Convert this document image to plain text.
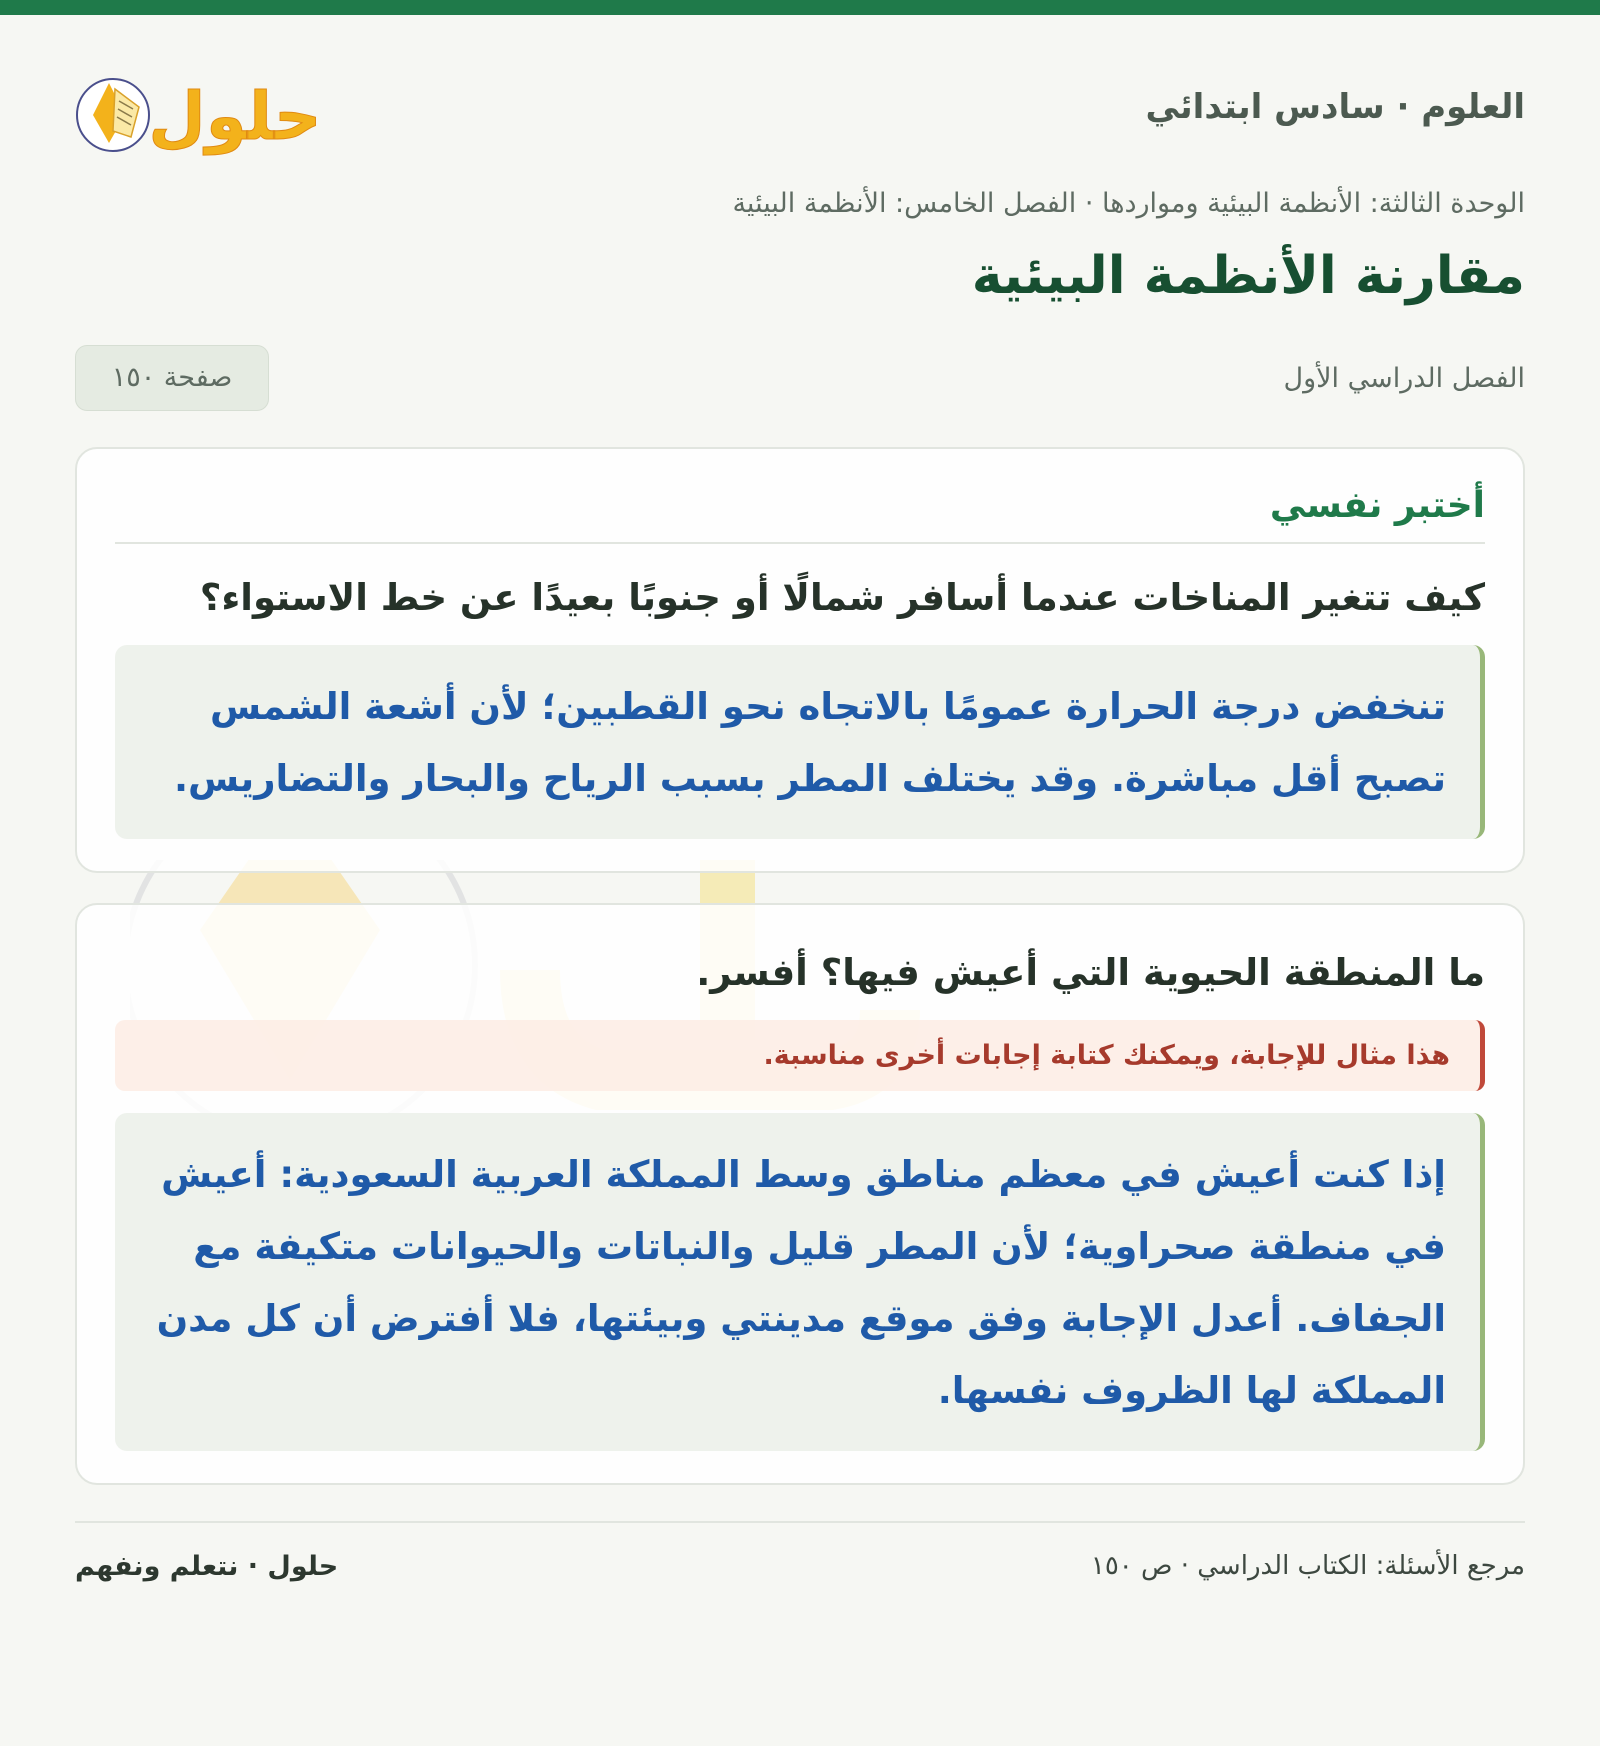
العلوم · سادس ابتدائي
حلول
الوحدة الثالثة: الأنظمة البيئية ومواردها · الفصل الخامس: الأنظمة البيئية
مقارنة الأنظمة البيئية
الفصل الدراسي الأول
صفحة ١٥٠
أختبر نفسي
كيف تتغير المناخات عندما أسافر شمالًا أو جنوبًا بعيدًا عن خط الاستواء؟
تنخفض درجة الحرارة عمومًا بالاتجاه نحو القطبين؛ لأن أشعة الشمس تصبح أقل مباشرة. وقد يختلف المطر بسبب الرياح والبحار والتضاريس.
ما المنطقة الحيوية التي أعيش فيها؟ أفسر.
هذا مثال للإجابة، ويمكنك كتابة إجابات أخرى مناسبة.
إذا كنت أعيش في معظم مناطق وسط المملكة العربية السعودية: أعيش في منطقة صحراوية؛ لأن المطر قليل والنباتات والحيوانات متكيفة مع الجفاف. أعدل الإجابة وفق موقع مدينتي وبيئتها، فلا أفترض أن كل مدن المملكة لها الظروف نفسها.
مرجع الأسئلة: الكتاب الدراسي · ص ١٥٠
حلول · نتعلم ونفهم
